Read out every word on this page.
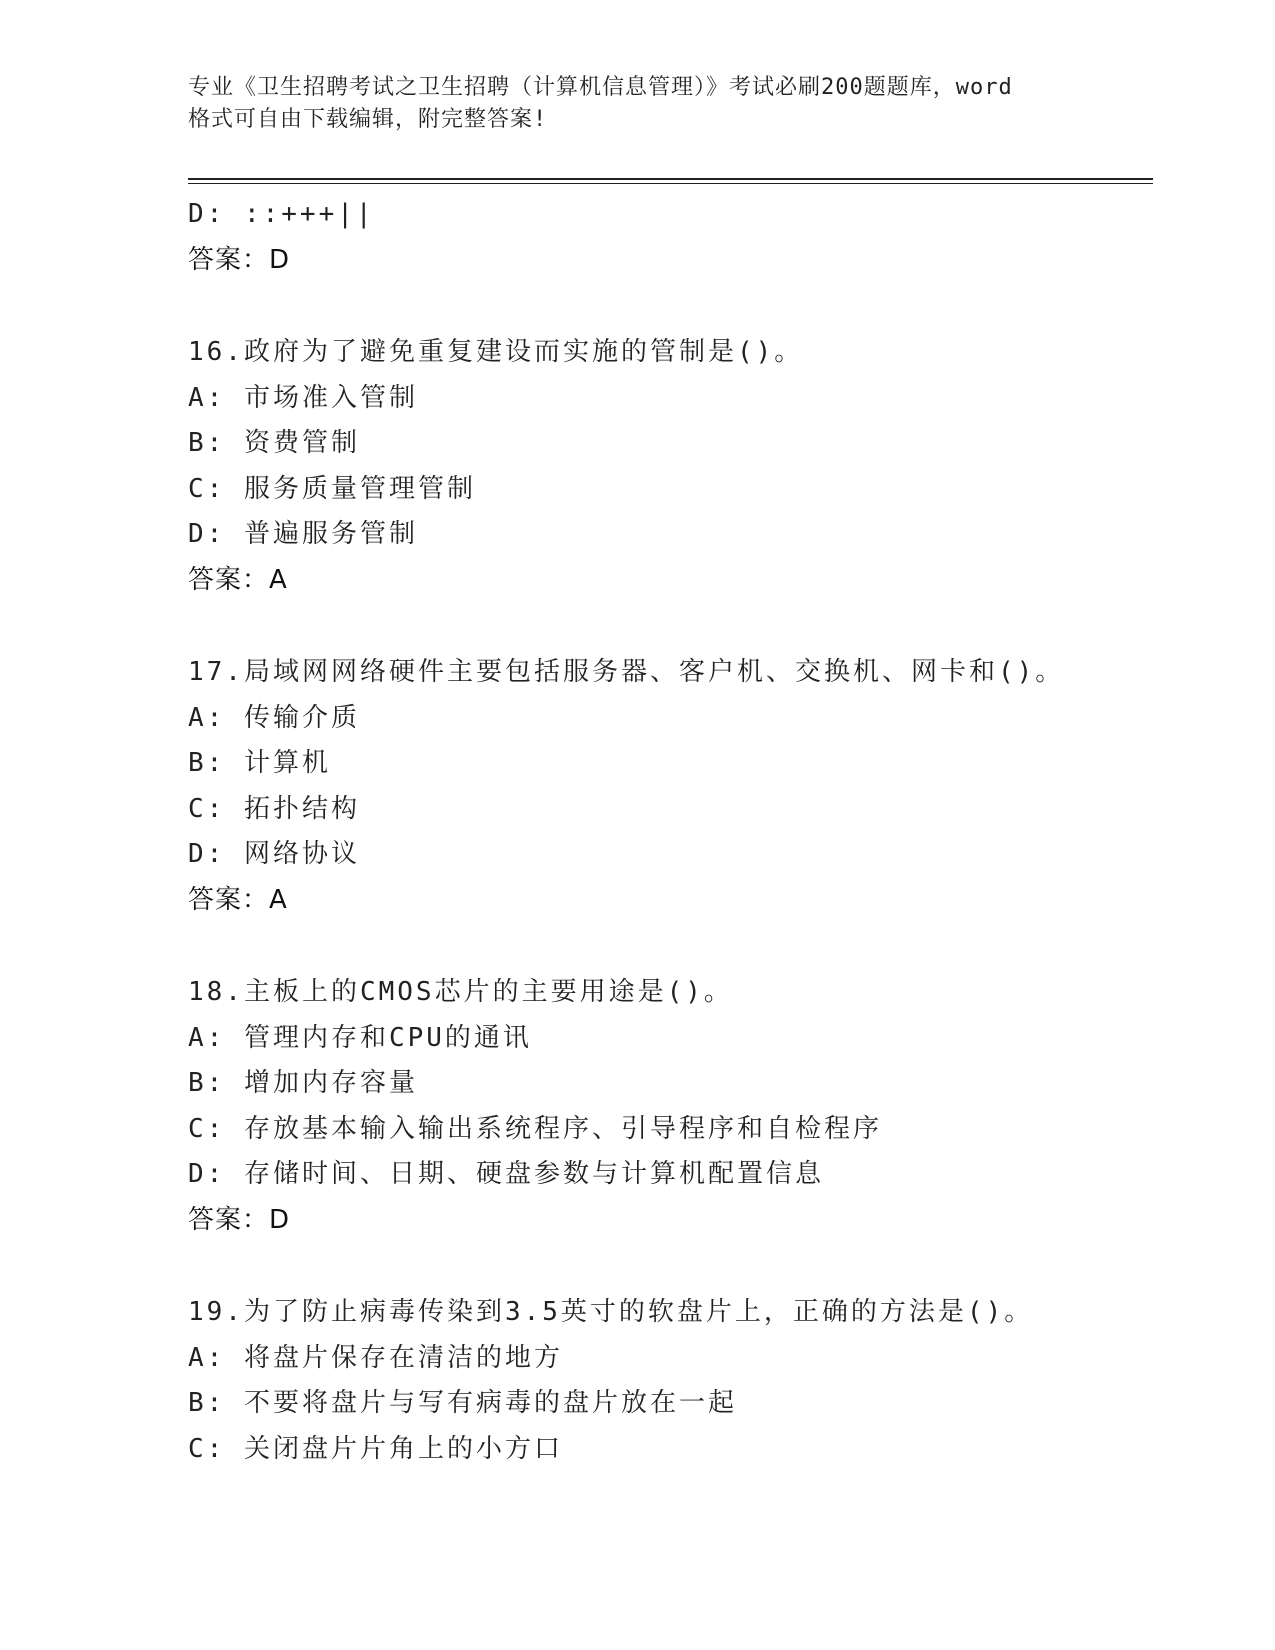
专业《卫生招聘考试之卫生招聘（计算机信息管理）》考试必刷200题题库，word
格式可自由下载编辑，附完整答案!
D: ::+++||
答案：D
16.政府为了避免重复建设而实施的管制是()。
A: 市场准入管制
B: 资费管制
C: 服务质量管理管制
D: 普遍服务管制
答案：A
17.局域网网络硬件主要包括服务器、客户机、交换机、网卡和()。
A: 传输介质
B: 计算机
C: 拓扑结构
D: 网络协议
答案：A
18.主板上的CMOS芯片的主要用途是()。
A: 管理内存和CPU的通讯
B: 增加内存容量
C: 存放基本输入输出系统程序、引导程序和自检程序
D: 存储时间、日期、硬盘参数与计算机配置信息
答案：D
19.为了防止病毒传染到3.5英寸的软盘片上，正确的方法是()。
A: 将盘片保存在清洁的地方
B: 不要将盘片与写有病毒的盘片放在一起
C: 关闭盘片片角上的小方口
